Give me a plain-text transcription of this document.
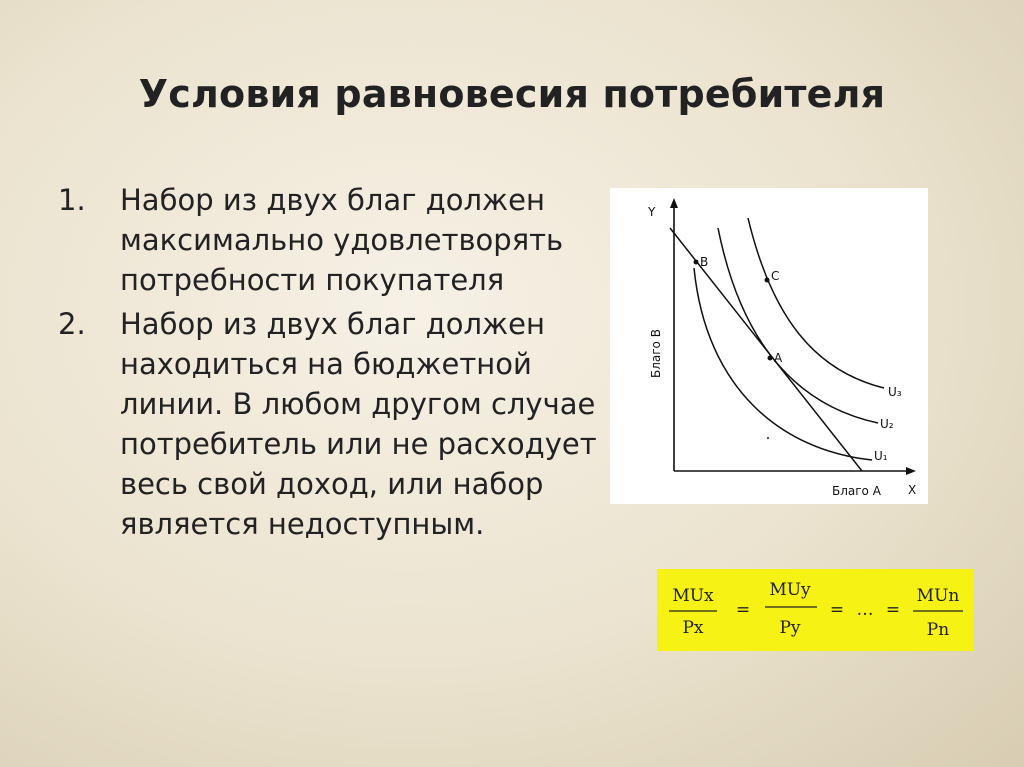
Условия равновесия потребителя
1. Набор из двух благ должен максимально удовлетворять потребности покупателя
2. Набор из двух благ должен находиться на бюджетной линии. В любом другом случае потребитель или не расходует весь свой доход, или набор является недоступным.
B
A
C
U₁
U₂
U₃
Y
X
Благо В
Благо А
MUx
Px
=
MUy
Py
= … =
MUn
Pn
